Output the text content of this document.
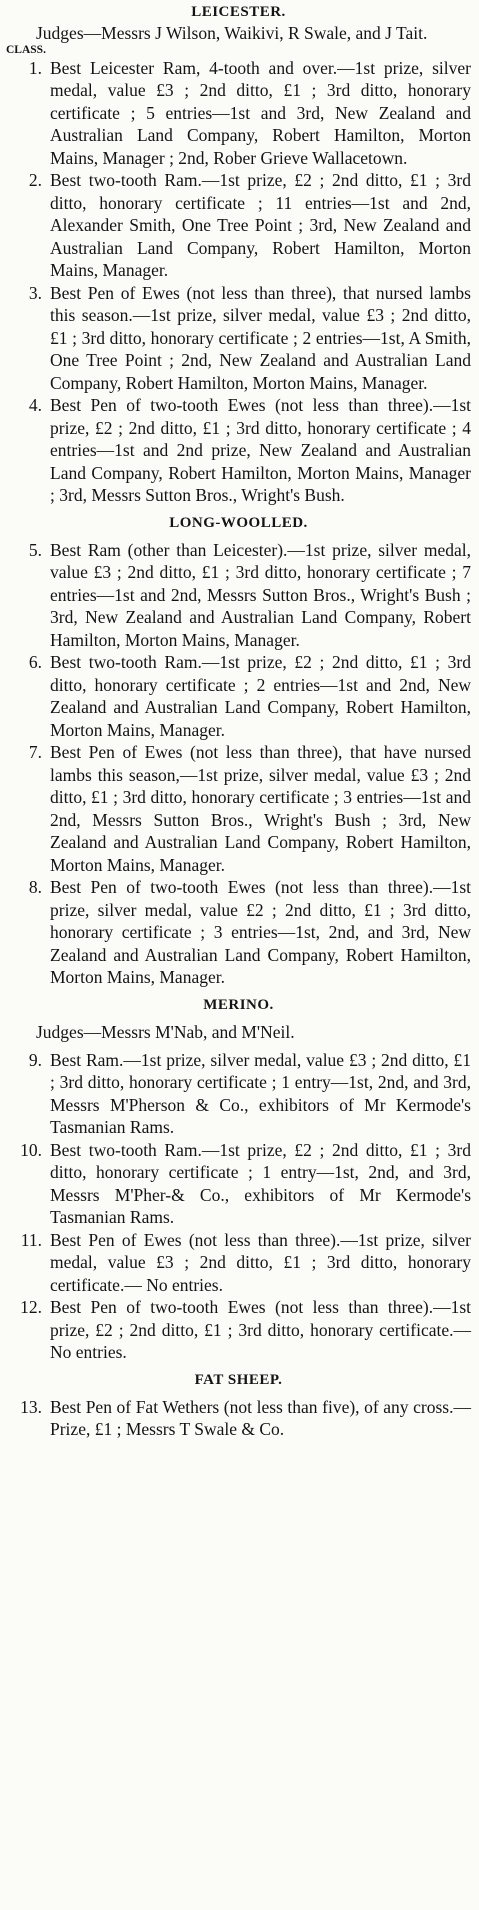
LEICESTER.
Judges—Messrs J Wilson, Waikivi, R Swale, and J Tait.
CLASS.
1. Best Leicester Ram, 4-tooth and over.—1st prize, silver medal, value £3 ; 2nd ditto, £1 ; 3rd ditto, honorary certificate ; 5 entries—1st and 3rd, New Zealand and Australian Land Company, Robert Hamilton, Morton Mains, Manager ; 2nd, Rober Grieve Wallacetown.
2. Best two-tooth Ram.—1st prize, £2 ; 2nd ditto, £1 ; 3rd ditto, honorary certificate ; 11 entries—1st and 2nd, Alexander Smith, One Tree Point ; 3rd, New Zealand and Australian Land Company, Robert Hamilton, Morton Mains, Manager.
3. Best Pen of Ewes (not less than three), that nursed lambs this season.—1st prize, silver medal, value £3 ; 2nd ditto, £1 ; 3rd ditto, honorary certificate ; 2 entries—1st, A Smith, One Tree Point ; 2nd, New Zealand and Australian Land Company, Robert Hamilton, Morton Mains, Manager.
4. Best Pen of two-tooth Ewes (not less than three).—1st prize, £2 ; 2nd ditto, £1 ; 3rd ditto, honorary certificate ; 4 entries—1st and 2nd prize, New Zealand and Australian Land Company, Robert Hamilton, Morton Mains, Manager ; 3rd, Messrs Sutton Bros., Wright's Bush.
LONG-WOOLLED.
5. Best Ram (other than Leicester).—1st prize, silver medal, value £3 ; 2nd ditto, £1 ; 3rd ditto, honorary certificate ; 7 entries—1st and 2nd, Messrs Sutton Bros., Wright's Bush ; 3rd, New Zealand and Australian Land Company, Robert Hamilton, Morton Mains, Manager.
6. Best two-tooth Ram.—1st prize, £2 ; 2nd ditto, £1 ; 3rd ditto, honorary certificate ; 2 entries—1st and 2nd, New Zealand and Australian Land Company, Robert Hamilton, Morton Mains, Manager.
7. Best Pen of Ewes (not less than three), that have nursed lambs this season,—1st prize, silver medal, value £3 ; 2nd ditto, £1 ; 3rd ditto, honorary certificate ; 3 entries—1st and 2nd, Messrs Sutton Bros., Wright's Bush ; 3rd, New Zealand and Australian Land Company, Robert Hamilton, Morton Mains, Manager.
8. Best Pen of two-tooth Ewes (not less than three).—1st prize, silver medal, value £2 ; 2nd ditto, £1 ; 3rd ditto, honorary certificate ; 3 entries—1st, 2nd, and 3rd, New Zealand and Australian Land Company, Robert Hamilton, Morton Mains, Manager.
MERINO.
Judges—Messrs M'Nab, and M'Neil.
9. Best Ram.—1st prize, silver medal, value £3 ; 2nd ditto, £1 ; 3rd ditto, honorary certificate ; 1 entry—1st, 2nd, and 3rd, Messrs M'Pherson & Co., exhibitors of Mr Kermode's Tasmanian Rams.
10. Best two-tooth Ram.—1st prize, £2 ; 2nd ditto, £1 ; 3rd ditto, honorary certificate ; 1 entry—1st, 2nd, and 3rd, Messrs M'Pher-& Co., exhibitors of Mr Kermode's Tasmanian Rams.
11. Best Pen of Ewes (not less than three).—1st prize, silver medal, value £3 ; 2nd ditto, £1 ; 3rd ditto, honorary certificate.— No entries.
12. Best Pen of two-tooth Ewes (not less than three).—1st prize, £2 ; 2nd ditto, £1 ; 3rd ditto, honorary certificate.—No entries.
FAT SHEEP.
13. Best Pen of Fat Wethers (not less than five), of any cross.—Prize, £1 ; Messrs T Swale & Co.
